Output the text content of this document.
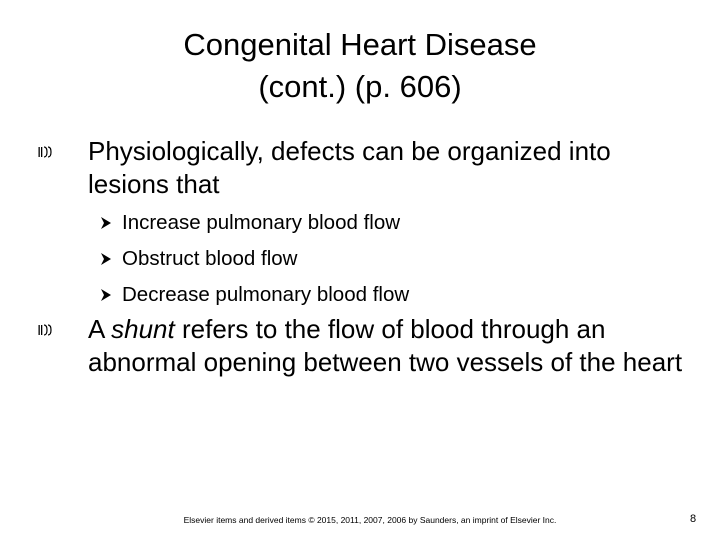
Congenital Heart Disease
(cont.) (p. 606)
Physiologically, defects can be organized into lesions that
Increase pulmonary blood flow
Obstruct blood flow
Decrease pulmonary blood flow
A shunt refers to the flow of blood through an abnormal opening between two vessels of the heart
Elsevier items and derived items © 2015, 2011, 2007, 2006 by Saunders, an imprint of Elsevier Inc.	8
